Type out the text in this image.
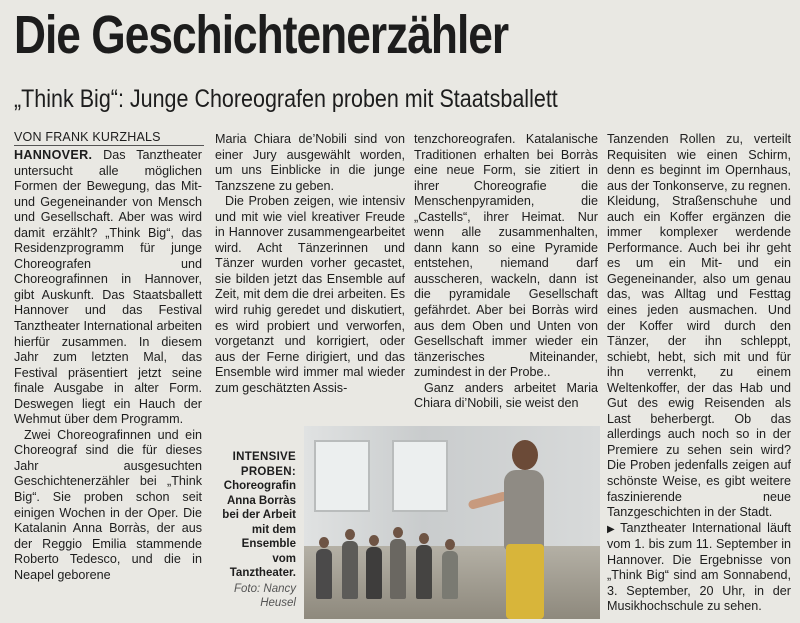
Die Geschichtenerzähler
„Think Big“: Junge Choreografen proben mit Staatsballett
VON FRANK KURZHALS

HANNOVER. Das Tanztheater untersucht alle möglichen Formen der Bewegung, das Mit- und Gegeneinander von Mensch und Gesellschaft. Aber was wird damit erzählt? „Think Big“, das Residenzprogramm für junge Choreografen und Choreografinnen in Hannover, gibt Auskunft. Das Staatsballett Hannover und das Festival Tanztheater International arbeiten hierfür zusammen. In diesem Jahr zum letzten Mal, das Festival präsentiert jetzt seine finale Ausgabe in alter Form. Deswegen liegt ein Hauch der Wehmut über dem Programm.

Zwei Choreografinnen und ein Choreograf sind die für dieses Jahr ausgesuchten Geschichtenerzähler bei „Think Big“. Sie proben schon seit einigen Wochen in der Oper. Die Katalanin Anna Borràs, der aus der Reggio Emilia stammende Roberto Tedesco, und die in Neapel geborene

Maria Chiara de’Nobili sind von einer Jury ausgewählt worden, um uns Einblicke in die junge Tanzszene zu geben.

Die Proben zeigen, wie intensiv und mit wie viel kreativer Freude in Hannover zusammengearbeitet wird. Acht Tänzerinnen und Tänzer wurden vorher gecastet, sie bilden jetzt das Ensemble auf Zeit, mit dem die drei arbeiten. Es wird ruhig geredet und diskutiert, es wird probiert und verworfen, vorgetanzt und korrigiert, oder aus der Ferne dirigiert, und das Ensemble wird immer mal wieder zum geschätzten Assis-

tenzchoreografen. Katalanische Traditionen erhalten bei Borràs eine neue Form, sie zitiert in ihrer Choreografie die Menschenpyramiden, die „Castells“, ihrer Heimat. Nur wenn alle zusammenhalten, dann kann so eine Pyramide entstehen, niemand darf ausscheren, wackeln, dann ist die pyramidale Gesellschaft gefährdet. Aber bei Borràs wird aus dem Oben und Unten von Gesellschaft immer wieder ein tänzerisches Miteinander, zumindest in der Probe..

Ganz anders arbeitet Maria Chiara di’Nobili, sie weist den

Tanzenden Rollen zu, verteilt Requisiten wie einen Schirm, denn es beginnt im Opernhaus, aus der Tonkonserve, zu regnen. Kleidung, Straßenschuhe und auch ein Koffer ergänzen die immer komplexer werdende Performance. Auch bei ihr geht es um ein Mit- und ein Gegeneinander, also um genau das, was Alltag und Festtag eines jeden ausmachen. Und der Koffer wird durch den Tänzer, der ihn schleppt, schiebt, hebt, sich mit und für ihn verrenkt, zu einem Weltenkoffer, der das Hab und Gut des ewig Reisenden als Last beherbergt. Ob das allerdings auch noch so in der Premiere zu sehen sein wird? Die Proben jedenfalls zeigen auf schönste Weise, es gibt weitere faszinierende neue Tanzgeschichten in der Stadt.

▶ Tanztheater International läuft vom 1. bis zum 11. September in Hannover. Die Ergebnisse von „Think Big“ sind am Sonnabend, 3. September, 20 Uhr, in der Musikhochschule zu sehen.

INTENSIVE PROBEN:
Choreografin Anna Borràs bei der Arbeit mit dem Ensemble vom Tanztheater.
Foto: Nancy Heusel
